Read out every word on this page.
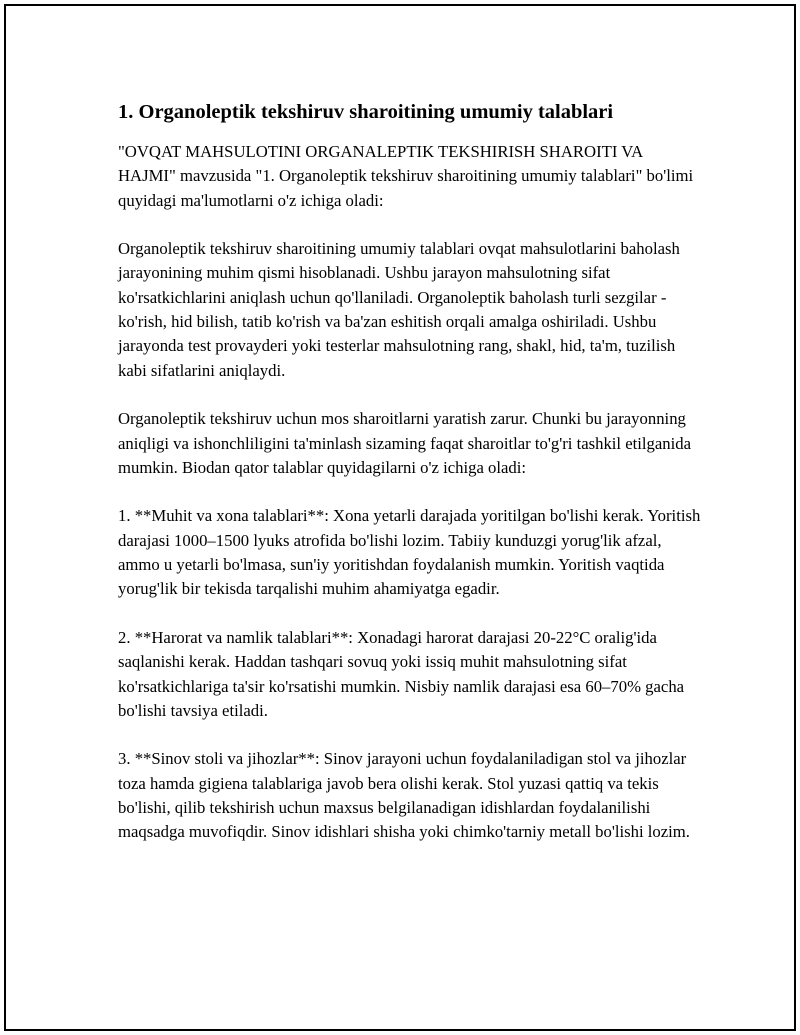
1. Organoleptik tekshiruv sharoitining umumiy talablari

"OVQAT MAHSULOTINI ORGANALEPTIK TEKSHIRISH SHAROITI VA HAJMI" mavzusida "1. Organoleptik tekshiruv sharoitining umumiy talablari" bo'limi quyidagi ma'lumotlarni o'z ichiga oladi:

Organoleptik tekshiruv sharoitining umumiy talablari ovqat mahsulotlarini baholash jarayonining muhim qismi hisoblanadi. Ushbu jarayon mahsulotning sifat ko'rsatkichlarini aniqlash uchun qo'llaniladi. Organoleptik baholash turli sezgilar - ko'rish, hid bilish, tatib ko'rish va ba'zan eshitish orqali amalga oshiriladi. Ushbu jarayonda test provayderi yoki testerlar mahsulotning rang, shakl, hid, ta'm, tuzilish kabi sifatlarini aniqlaydi.

Organoleptik tekshiruv uchun mos sharoitlarni yaratish zarur. Chunki bu jarayonning aniqligi va ishonchliligini ta'minlash sizaming faqat sharoitlar to'g'ri tashkil etilganida mumkin. Biodan qator talablar quyidagilarni o'z ichiga oladi:

1. **Muhit va xona talablari**: Xona yetarli darajada yoritilgan bo'lishi kerak. Yoritish darajasi 1000–1500 lyuks atrofida bo'lishi lozim. Tabiiy kunduzgi yorug'lik afzal, ammo u yetarli bo'lmasa, sun'iy yoritishdan foydalanish mumkin. Yoritish vaqtida yorug'lik bir tekisda tarqalishi muhim ahamiyatga egadir.

2. **Harorat va namlik talablari**: Xonadagi harorat darajasi 20-22°C oralig'ida saqlanishi kerak. Haddan tashqari sovuq yoki issiq muhit mahsulotning sifat ko'rsatkichlariga ta'sir ko'rsatishi mumkin. Nisbiy namlik darajasi esa 60–70% gacha bo'lishi tavsiya etiladi.

3. **Sinov stoli va jihozlar**: Sinov jarayoni uchun foydalaniladigan stol va jihozlar toza hamda gigiena talablariga javob bera olishi kerak. Stol yuzasi qattiq va tekis bo'lishi, qilib tekshirish uchun maxsus belgilanadigan idishlardan foydalanilishi maqsadga muvofiqdir. Sinov idishlari shisha yoki chimko'tarniy metall bo'lishi lozim.
